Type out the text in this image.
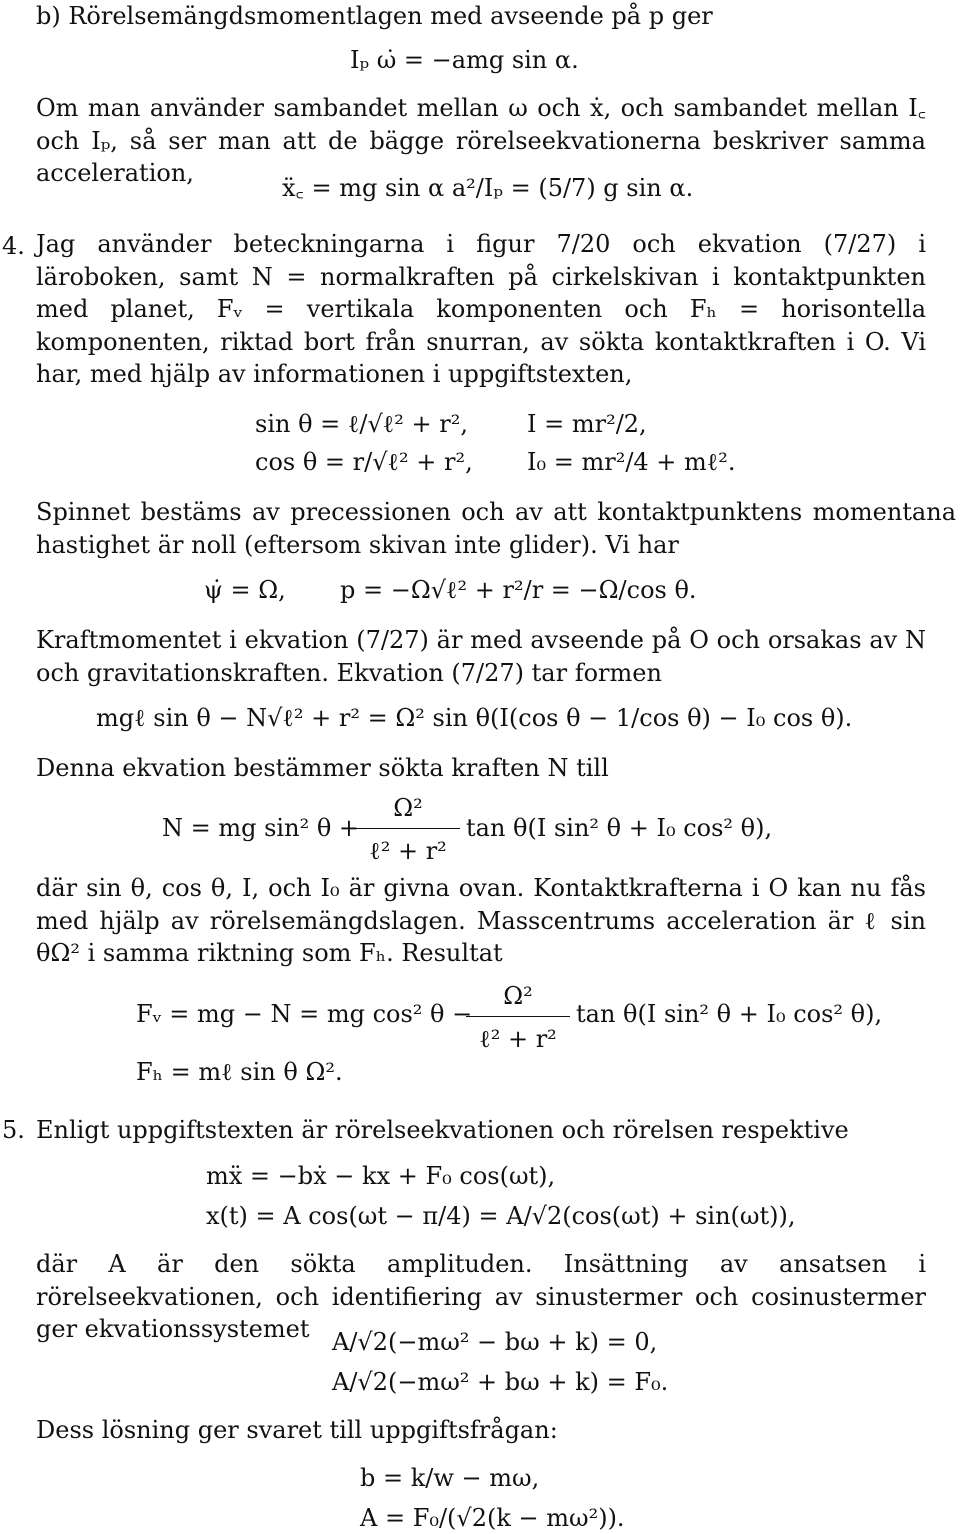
b) Rörelsemängdsmomentlagen med avseende på p ger
Iₚ ω̇ = −amg sin α.

Om man använder sambandet mellan ω och ẋ, och sambandet mellan I꜀ och Iₚ, så ser man att de bägge rörelseekvationerna beskriver samma acceleration,

ẍ꜀ = mg sin α a²/Iₚ = (5/7) g sin α.
4. Jag använder beteckningarna i figur 7/20 och ekvation (7/27) i läroboken, samt N = normalkraften på cirkelskivan i kontaktpunkten med planet, Fᵥ = vertikala komponenten och Fₕ = horisontella komponenten, riktad bort från snurran, av sökta kontaktkraften i O. Vi har, med hjälp av informationen i uppgiftstexten,

sin θ = ℓ/√ℓ² + r², I = mr²/2,
cos θ = r/√ℓ² + r², I₀ = mr²/4 + mℓ².

Spinnet bestäms av precessionen och av att kontaktpunktens momentana hastighet är noll (eftersom skivan inte glider). Vi har

ψ̇ = Ω, p = −Ω√ℓ² + r²/r = −Ω/cos θ.

Kraftmomentet i ekvation (7/27) är med avseende på O och orsakas av N och gravitationskraften. Ekvation (7/27) tar formen

mgℓ sin θ − N√ℓ² + r² = Ω² sin θ(I(cos θ − 1/cos θ) − I₀ cos θ).
Denna ekvation bestämmer sökta kraften N till
N = mg sin² θ +
Ω²
ℓ² + r²
tan θ(I sin² θ + I₀ cos² θ),

där sin θ, cos θ, I, och I₀ är givna ovan. Kontaktkrafterna i O kan nu fås med hjälp av rörelsemängdslagen. Masscentrums acceleration är ℓ sin θΩ² i samma riktning som Fₕ. Resultat

Fᵥ = mg − N = mg cos² θ −
Ω²
ℓ² + r²
tan θ(I sin² θ + I₀ cos² θ),
Fₕ = mℓ sin θ Ω².
5. Enligt uppgiftstexten är rörelseekvationen och rörelsen respektive
mẍ = −bẋ − kx + F₀ cos(ωt),
x(t) = A cos(ωt − π/4) = A/√2(cos(ωt) + sin(ωt)),

där A är den sökta amplituden. Insättning av ansatsen i rörelseekvationen, och identifiering av sinustermer och cosinustermer ger ekvationssystemet A/√2(−mω² − bω + k) = 0,
A/√2(−mω² + bω + k) = F₀.
Dess lösning ger svaret till uppgiftsfrågan:
b = k/w − mω,
A = F₀/(√2(k − mω²)).
